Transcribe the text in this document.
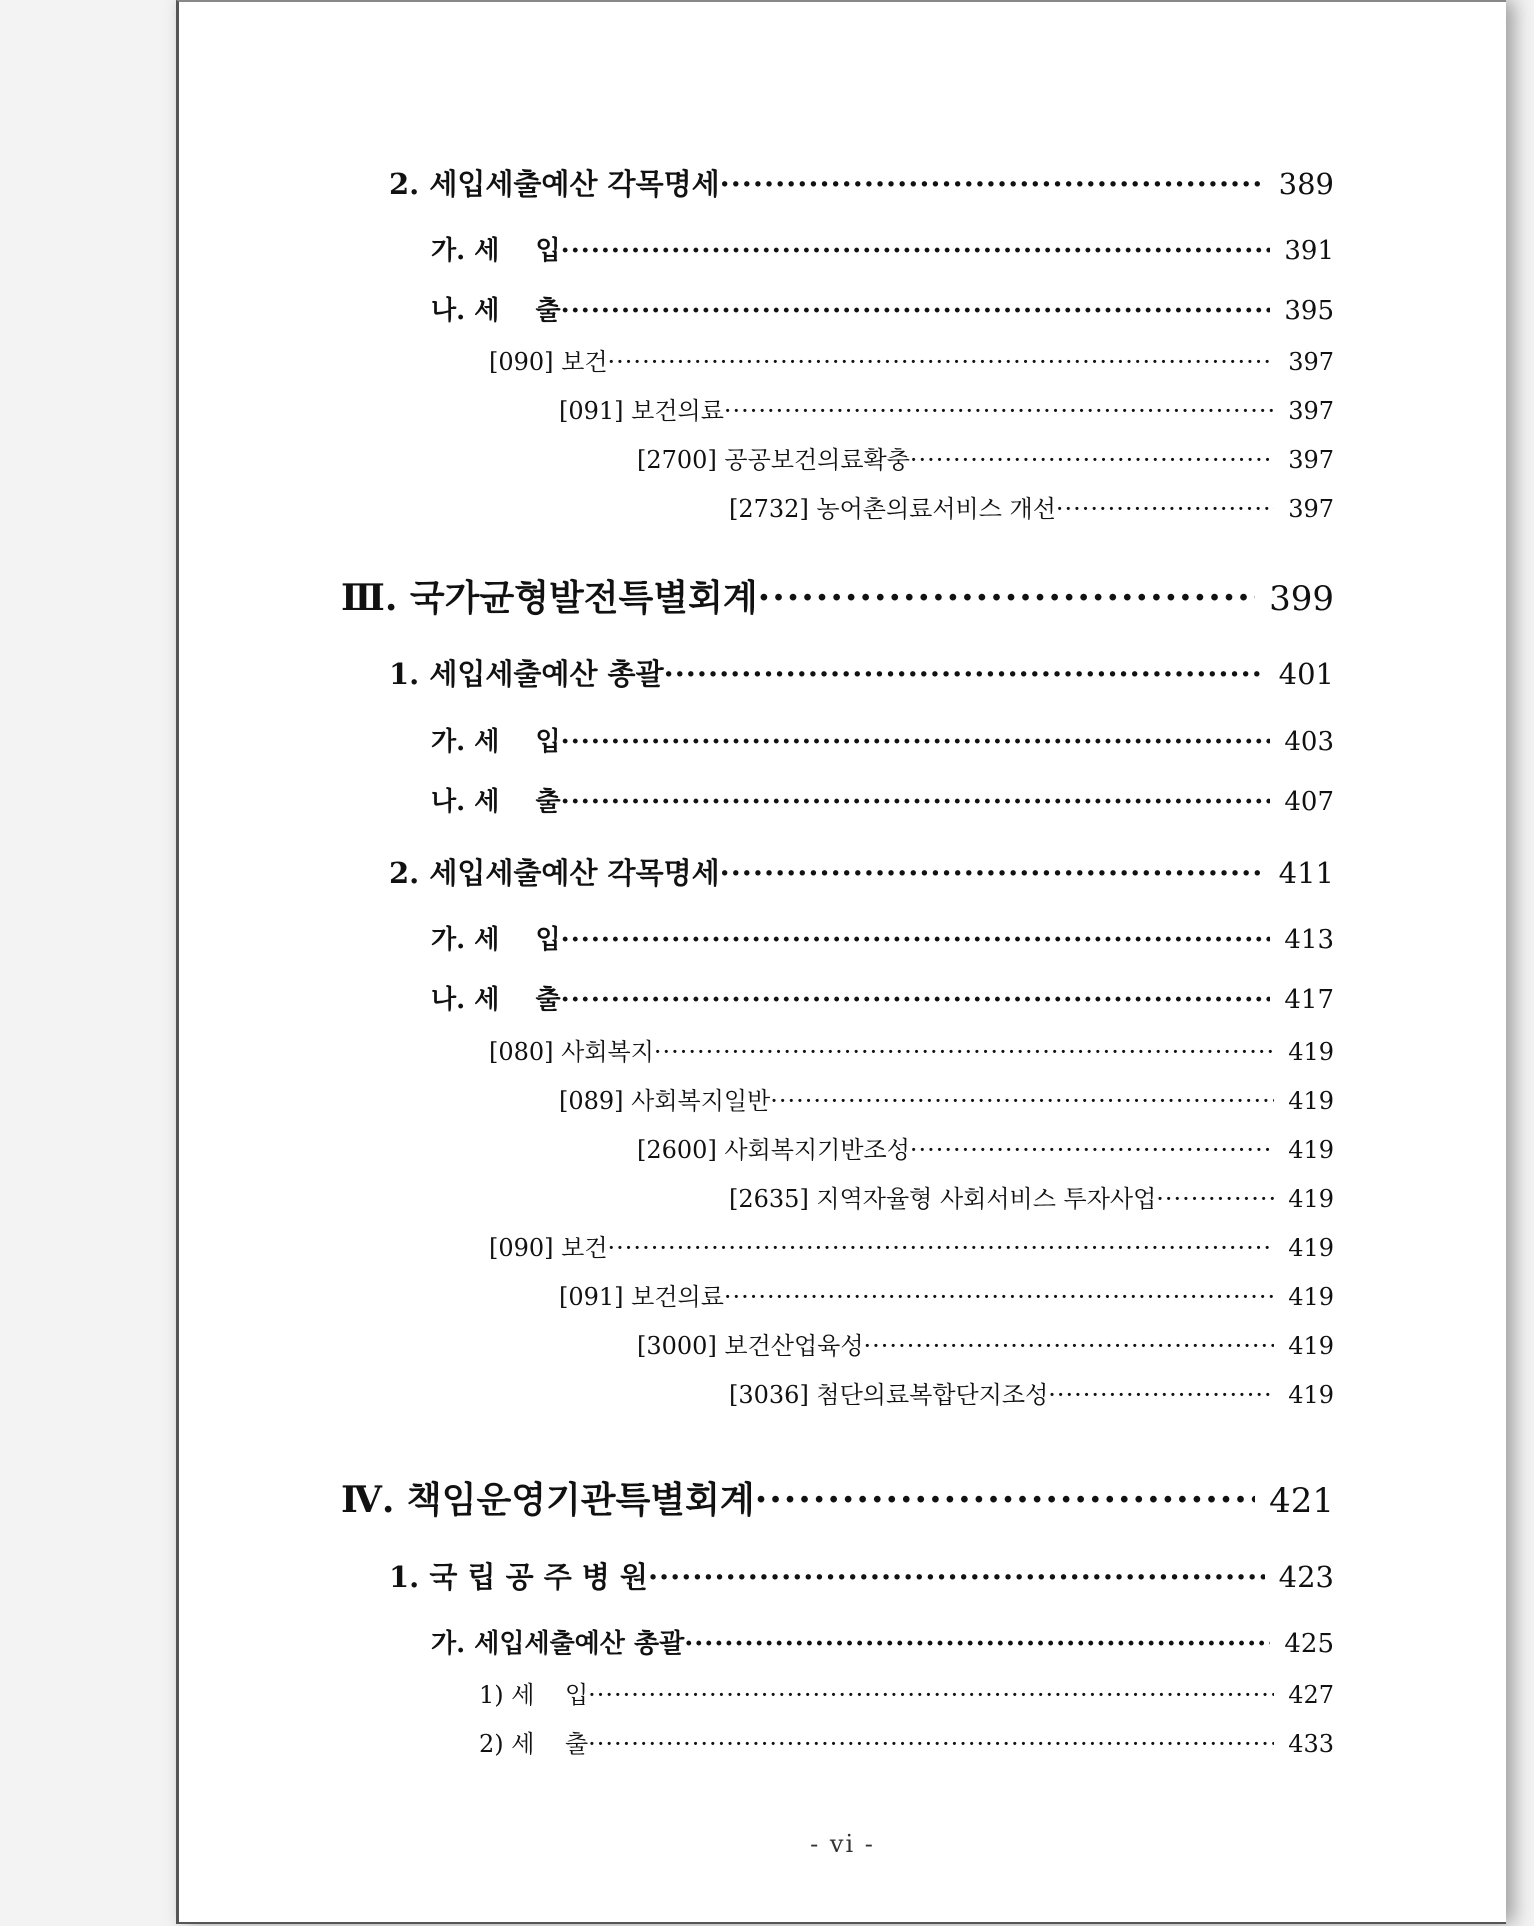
2. 세입세출예산 각목명세 ·····	389
가. 세    입 ·····	391
나. 세    출 ·····	395
[090] 보건 ·····	397
[091] 보건의료 ·····	397
[2700] 공공보건의료확충 ·····	397
[2732] 농어촌의료서비스 개선 ·····	397
Ⅲ. 국가균형발전특별회계 ·····	399
1. 세입세출예산 총괄 ·····	401
가. 세    입 ·····	403
나. 세    출 ·····	407
2. 세입세출예산 각목명세 ·····	411
가. 세    입 ·····	413
나. 세    출 ·····	417
[080] 사회복지 ·····	419
[089] 사회복지일반 ·····	419
[2600] 사회복지기반조성 ·····	419
[2635] 지역자율형 사회서비스 투자사업 ·····	419
[090] 보건 ·····	419
[091] 보건의료 ·····	419
[3000] 보건산업육성 ·····	419
[3036] 첨단의료복합단지조성 ·····	419
Ⅳ. 책임운영기관특별회계 ·····	421
1. 국 립 공 주 병 원 ·····	423
가. 세입세출예산 총괄 ·····	425
1) 세    입 ·····	427
2) 세    출 ·····	433
- vi -
